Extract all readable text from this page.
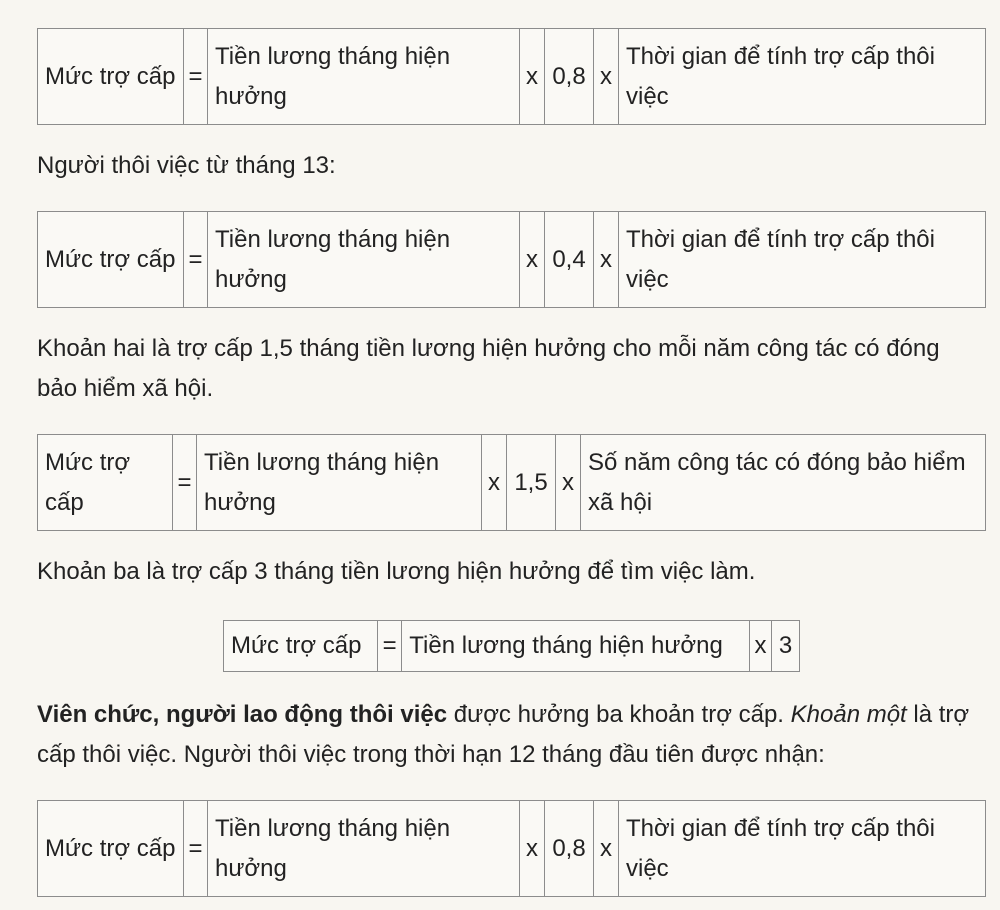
Mức trợ cấp	=	Tiền lương tháng hiện hưởng	x	0,8	x	Thời gian để tính trợ cấp thôi việc

Người thôi việc từ tháng 13:

Mức trợ cấp	=	Tiền lương tháng hiện hưởng	x	0,4	x	Thời gian để tính trợ cấp thôi việc

Khoản hai là trợ cấp 1,5 tháng tiền lương hiện hưởng cho mỗi năm công tác có đóng bảo hiểm xã hội.

Mức trợ cấp	=	Tiền lương tháng hiện hưởng	x	1,5	x	Số năm công tác có đóng bảo hiểm xã hội

Khoản ba là trợ cấp 3 tháng tiền lương hiện hưởng để tìm việc làm.

Mức trợ cấp	=	Tiền lương tháng hiện hưởng	x	3

Viên chức, người lao động thôi việc được hưởng ba khoản trợ cấp. Khoản một là trợ cấp thôi việc. Người thôi việc trong thời hạn 12 tháng đầu tiên được nhận:

Mức trợ cấp	=	Tiền lương tháng hiện hưởng	x	0,8	x	Thời gian để tính trợ cấp thôi việc
